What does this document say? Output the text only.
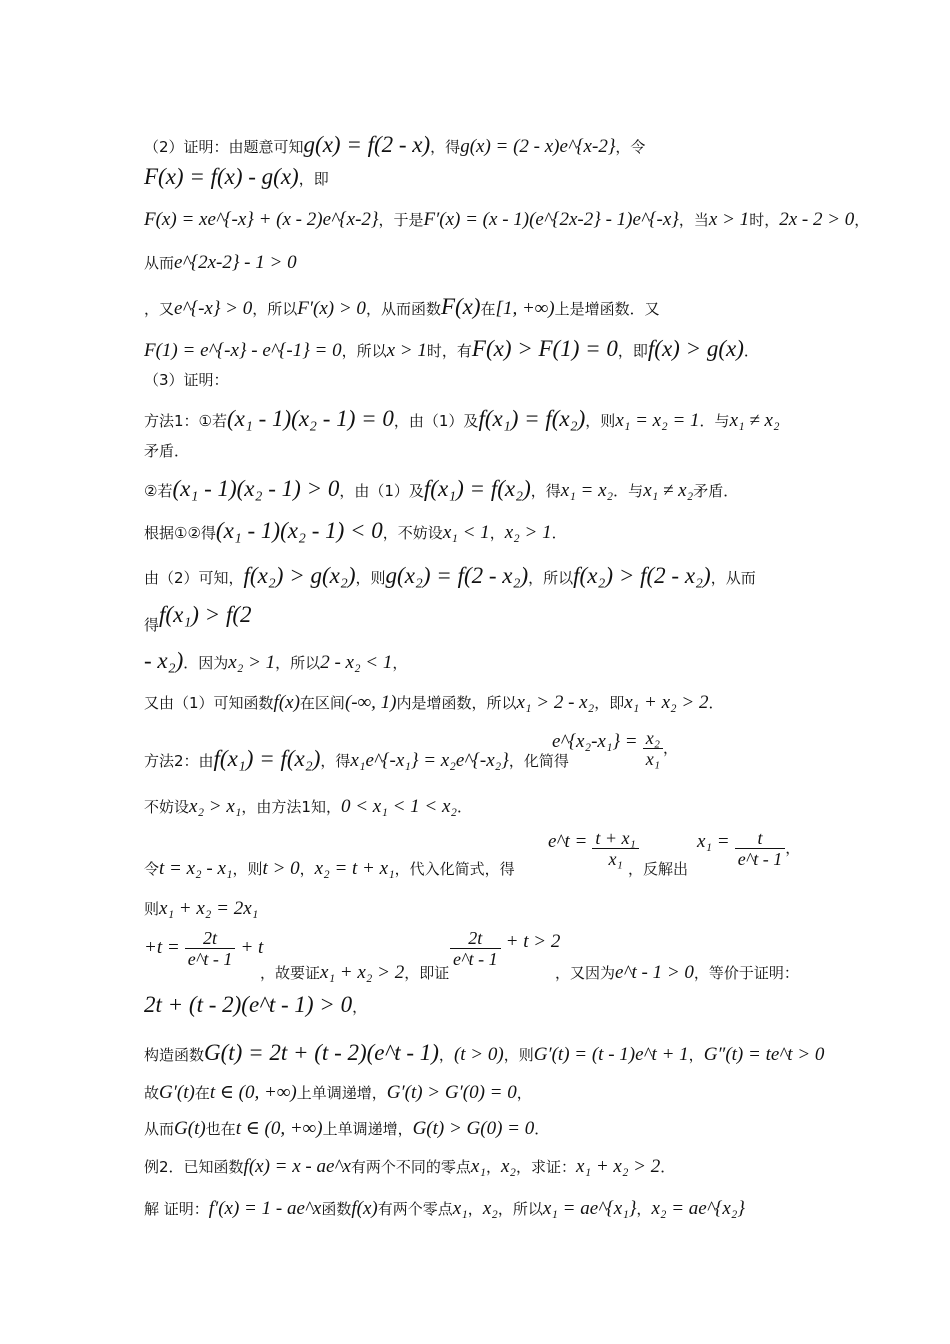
（2）证明：由题意可知g(x) = f(2 - x)，得g(x) = (2 - x)e^{x-2}，令
F(x) = f(x) - g(x)，即
F(x) = xe^{-x} + (x - 2)e^{x-2}，于是F′(x) = (x - 1)(e^{2x-2} - 1)e^{-x}，当x > 1时，2x - 2 > 0，
从而e^{2x-2} - 1 > 0
，又e^{-x} > 0，所以F′(x) > 0，从而函数F(x)在[1, +∞)上是增函数．又
F(1) = e^{-x} - e^{-1} = 0，所以x > 1时，有F(x) > F(1) = 0，即f(x) > g(x)．
（3）证明：
方法1：①若(x₁ - 1)(x₂ - 1) = 0，由（1）及f(x₁) = f(x₂)，则x₁ = x₂ = 1．与x₁ ≠ x₂
矛盾．
②若(x₁ - 1)(x₂ - 1) > 0，由（1）及f(x₁) = f(x₂)，得x₁ = x₂．与x₁ ≠ x₂矛盾．
根据①②得(x₁ - 1)(x₂ - 1) < 0，不妨设x₁ < 1，x₂ > 1．
由（2）可知，f(x₂) > g(x₂)，则g(x₂) = f(2 - x₂)，所以f(x₂) > f(2 - x₂)，从而
得f(x₁) > f(2
- x₂)．因为x₂ > 1，所以2 - x₂ < 1，
又由（1）可知函数f(x)在区间(-∞, 1)内是增函数，所以x₁ > 2 - x₂，即x₁ + x₂ > 2．
方法2：由f(x₁) = f(x₂)，得x₁e^{-x₁} = x₂e^{-x₂}，化简得
e^{x₂-x₁} = $\frac{\text{x₂}}{\text{x₁}}$ ，
不妨设x₂ > x₁，由方法1知，0 < x₁ < 1 < x₂．
令t = x₂ - x₁，则t > 0，x₂ = t + x₁，代入化简式，得
e^t = $\frac{\text{t + x₁}}{\text{x₁}}$
，反解出
$x_1 = \frac{t}{e\^{}t - 1}$ ，
则x₁ + x₂ = 2x₁
$+t = \frac{2t}{e\^{}t - 1} + t$
，故要证x₁ + x₂ > 2，即证
$\frac{2t}{e\^{}t - 1} + t > 2$
，又因为e^t - 1 > 0，等价于证明：
2t + (t - 2)(e^t - 1) > 0，
构造函数G(t) = 2t + (t - 2)(e^t - 1)，(t > 0)，则G′(t) = (t - 1)e^t + 1，G″(t) = te^t > 0
故G′(t)在t ∈ (0, +∞)上单调递增，G′(t) > G′(0) = 0，
从而G(t)也在t ∈ (0, +∞)上单调递增，G(t) > G(0) = 0．
例2．已知函数f(x) = x - ae^x有两个不同的零点x₁，x₂，求证：x₁ + x₂ > 2．
解 证明：f′(x) = 1 - ae^x函数f(x)有两个零点x₁，x₂，所以x₁ = ae^{x₁}，x₂ = ae^{x₂}
